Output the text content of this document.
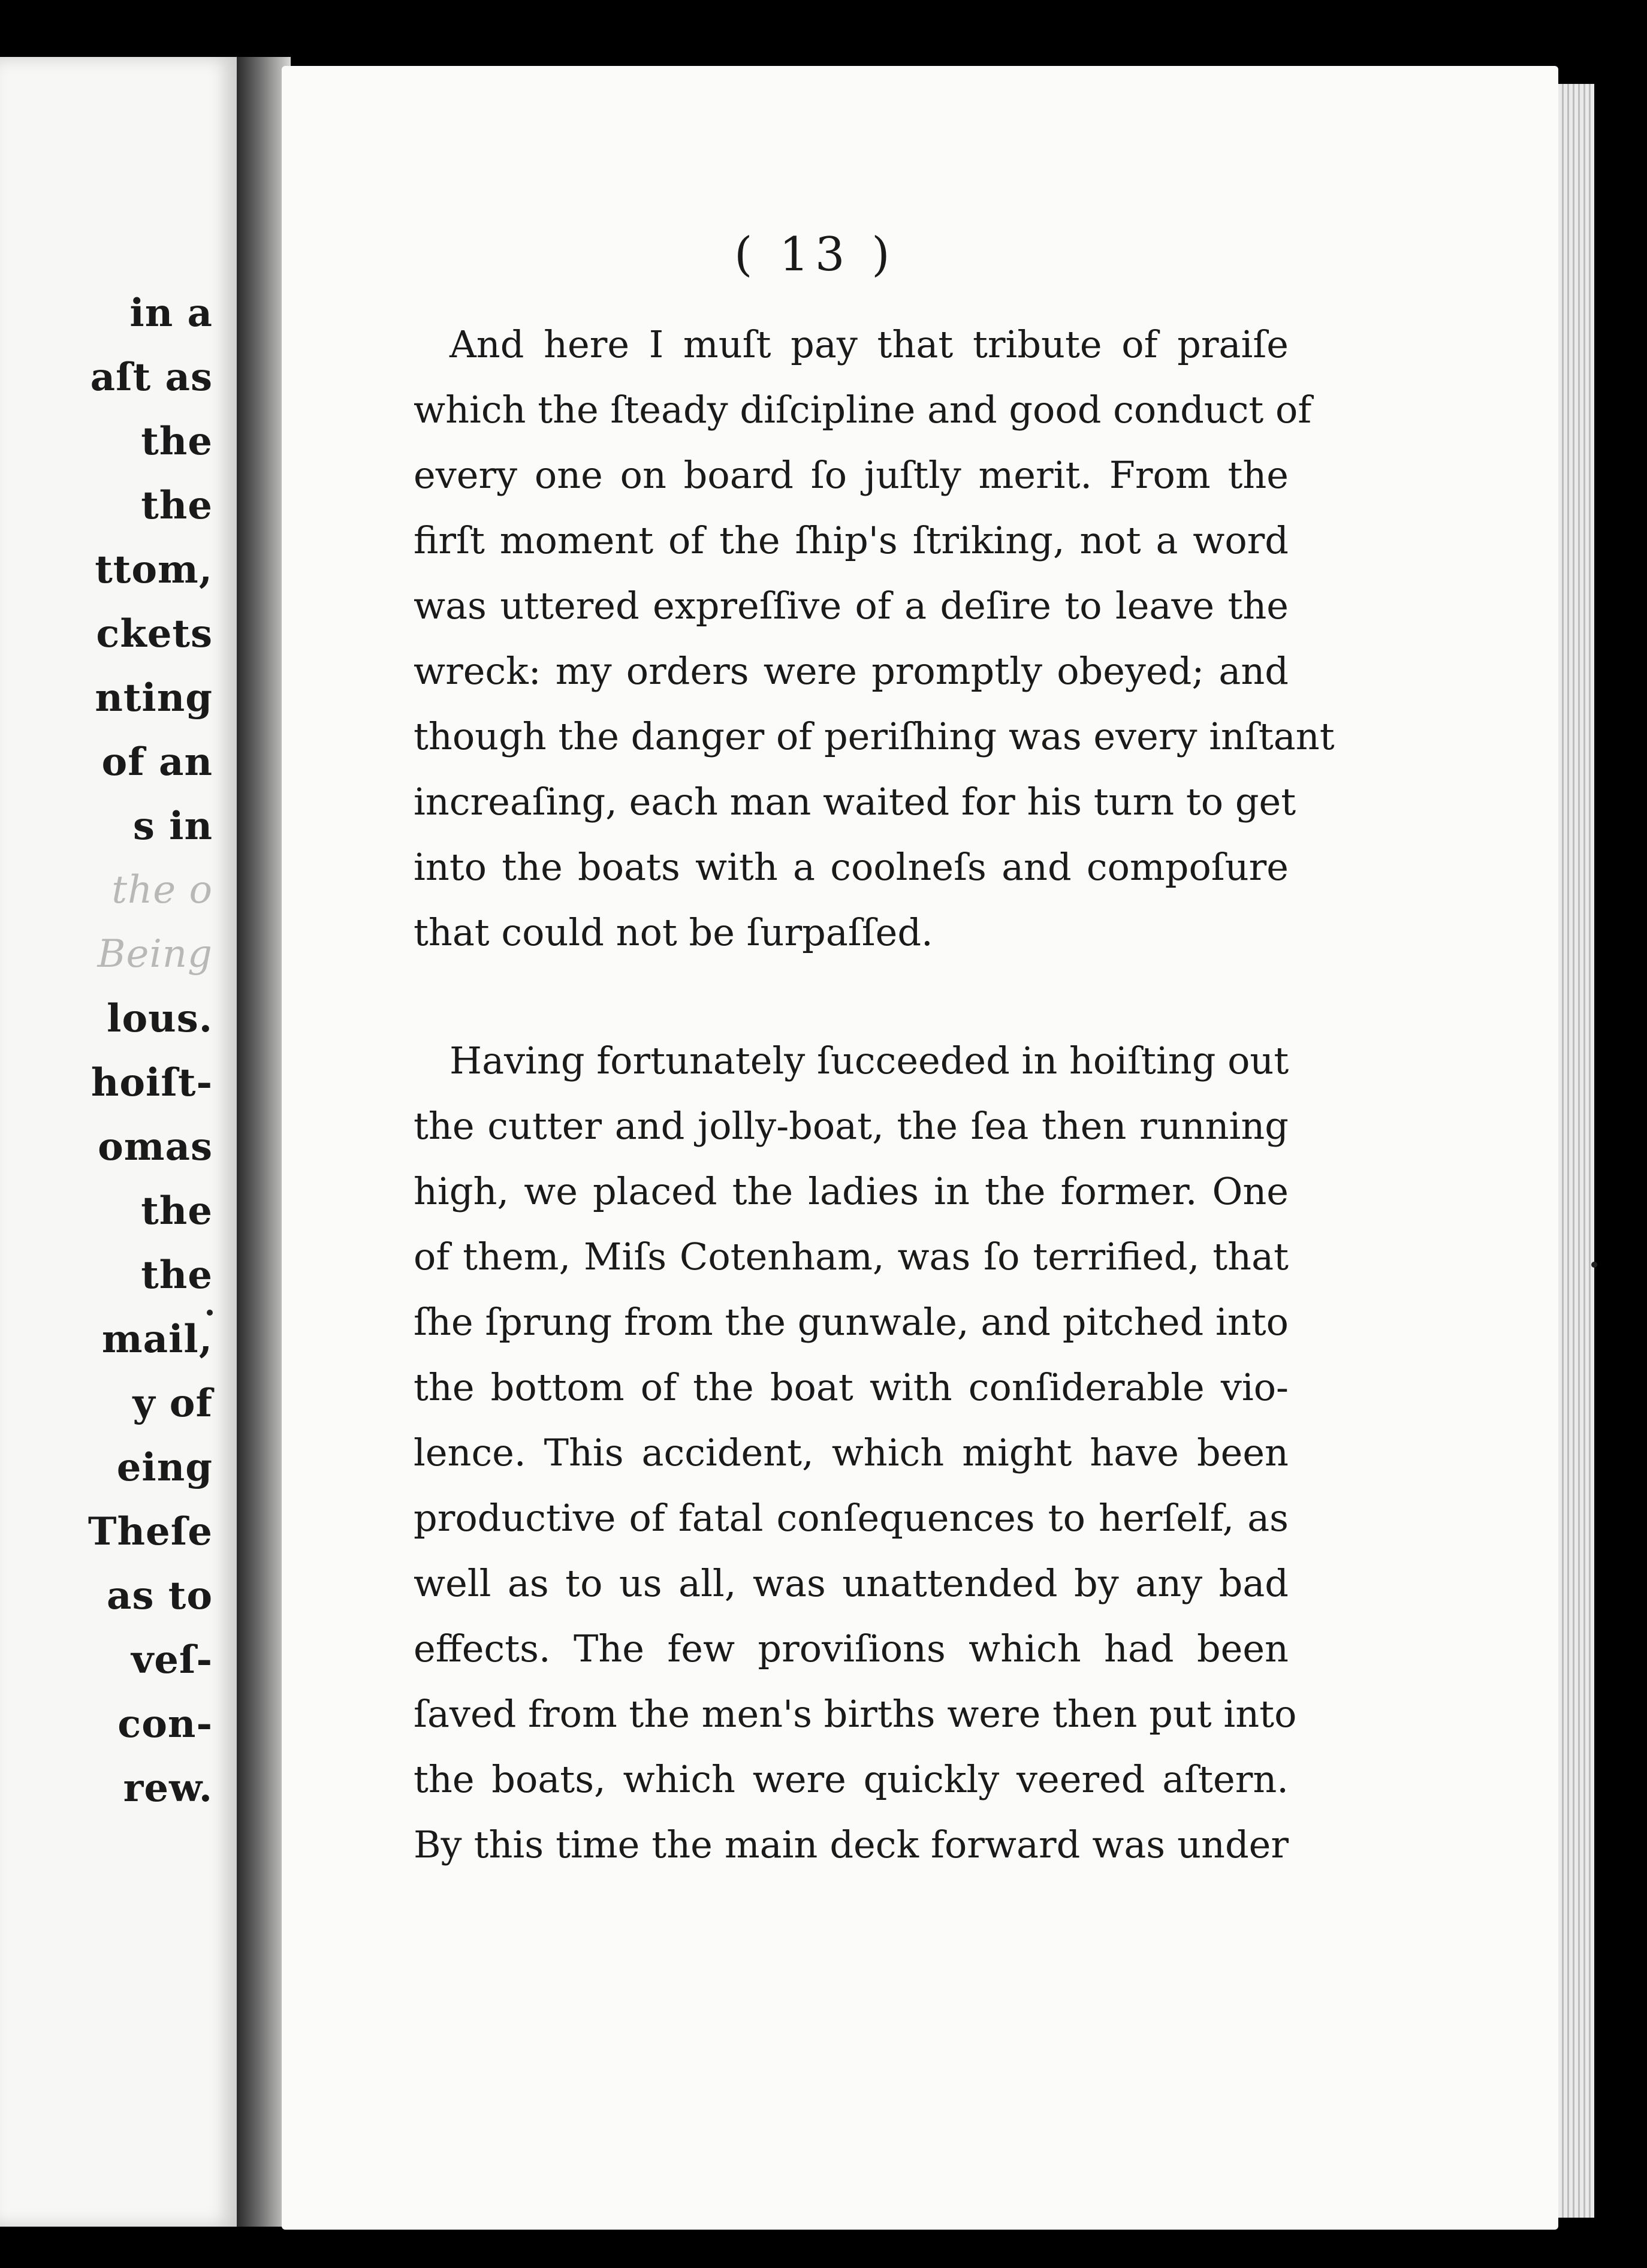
in a
aſt as
the
the
ttom,
ckets
nting
of an
s in
the o
Being
lous.
hoiſt-
omas
the
the
mail,
y of
eing
Theſe
as to
veſ-
con-
rew.
( 13 )
And here I muſt pay that tribute of praiſe
which the ſteady diſcipline and good conduct of
every one on board ſo juſtly merit. From the
firſt moment of the ſhip's ſtriking, not a word
was uttered expreſſive of a deſire to leave the
wreck: my orders were promptly obeyed; and
though the danger of periſhing was every inſtant
increaſing, each man waited for his turn to get
into the boats with a coolneſs and compoſure
that could not be ſurpaſſed.
Having fortunately ſucceeded in hoiſting out
the cutter and jolly-boat, the ſea then running
high, we placed the ladies in the former. One
of them, Miſs Cotenham, was ſo terrified, that
ſhe ſprung from the gunwale, and pitched into
the bottom of the boat with conſiderable vio-
lence. This accident, which might have been
productive of fatal conſequences to herſelf, as
well as to us all, was unattended by any bad
effects. The few proviſions which had been
ſaved from the men's births were then put into
the boats, which were quickly veered aſtern.
By this time the main deck forward was under
